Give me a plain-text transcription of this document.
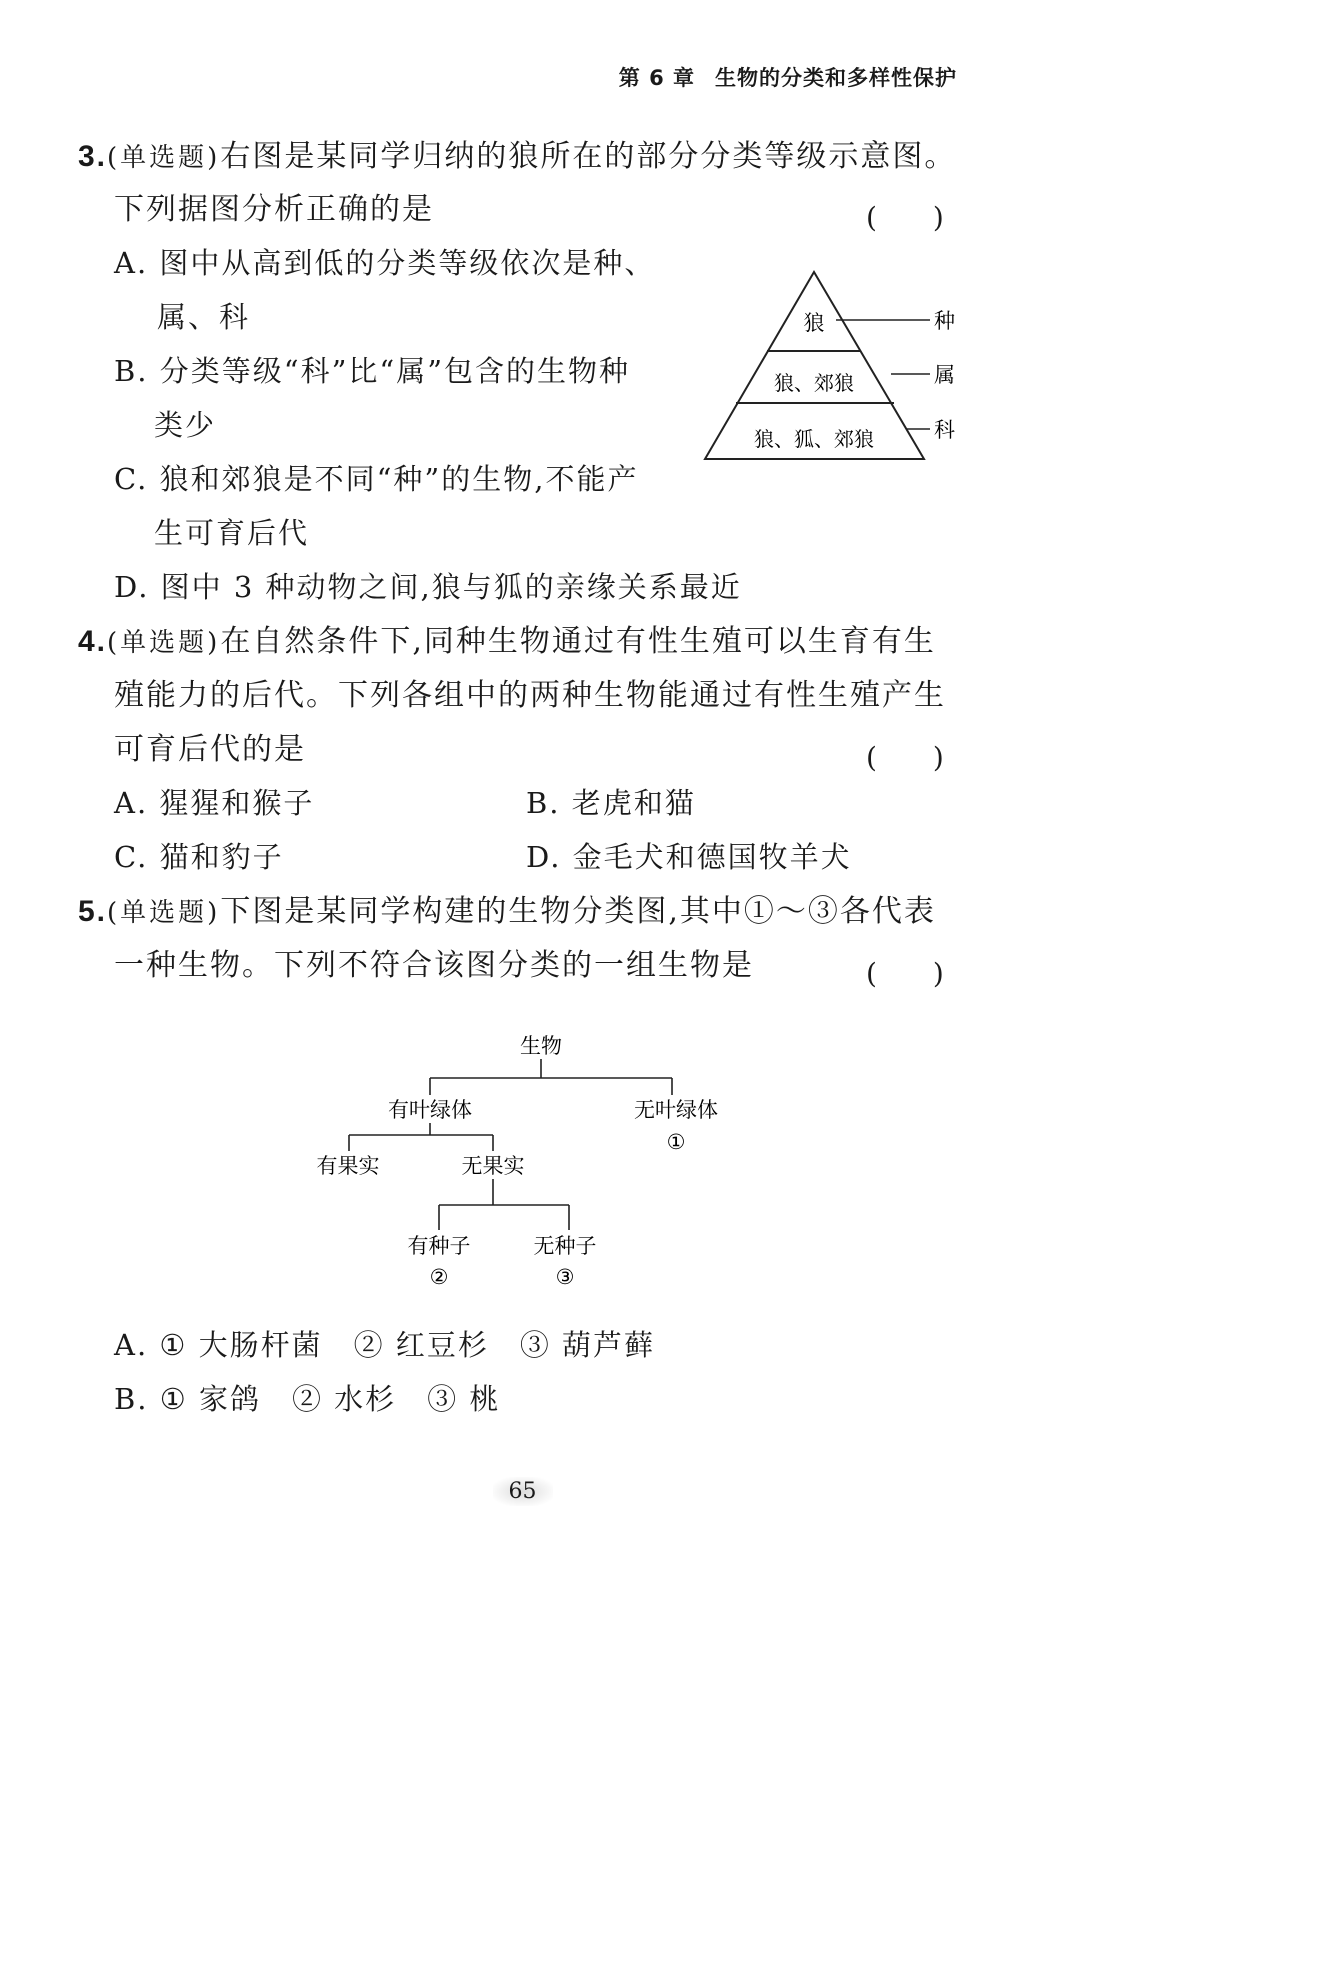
第 6 章 生物的分类和多样性保护
3.(单选题)右图是某同学归纳的狼所在的部分分类等级示意图。
下列据图分析正确的是	(　　)
A. 图中从高到低的分类等级依次是种、
属、科
B. 分类等级“科”比“属”包含的生物种
类少
C. 狼和郊狼是不同“种”的生物,不能产
生可育后代
D. 图中 3 种动物之间,狼与狐的亲缘关系最近
狼
狼、郊狼
狼、狐、郊狼
种
属
科
4.(单选题)在自然条件下,同种生物通过有性生殖可以生育有生
殖能力的后代。下列各组中的两种生物能通过有性生殖产生
可育后代的是	(　　)
A. 猩猩和猴子	B. 老虎和猫
C. 猫和豹子	D. 金毛犬和德国牧羊犬
5.(单选题)下图是某同学构建的生物分类图,其中①～③各代表
一种生物。下列不符合该图分类的一组生物是	(　　)
生物
有叶绿体	无叶绿体
①
有果实	无果实
有种子	无种子
②	③
A. ① 大肠杆菌　② 红豆杉　③ 葫芦藓
B. ① 家鸽　② 水杉　③ 桃
65
